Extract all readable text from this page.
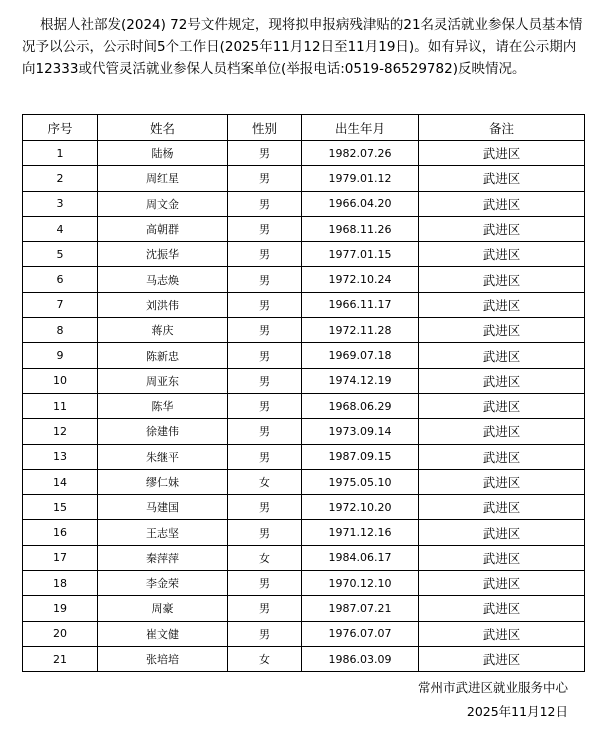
根据人社部发(2024) 72号文件规定，现将拟申报病残津贴的21名灵活就业参保人员基本情况予以公示，公示时间5个工作日(2025年11月12日至11月19日)。如有异议，请在公示期内向12333或代管灵活就业参保人员档案单位(举报电话:0519-86529782)反映情况。

序号	姓名	性别	出生年月	备注
1	陆杨	男	1982.07.26	武进区
2	周红星	男	1979.01.12	武进区
3	周文金	男	1966.04.20	武进区
4	高朝群	男	1968.11.26	武进区
5	沈振华	男	1977.01.15	武进区
6	马志焕	男	1972.10.24	武进区
7	刘洪伟	男	1966.11.17	武进区
8	蒋庆	男	1972.11.28	武进区
9	陈新忠	男	1969.07.18	武进区
10	周亚东	男	1974.12.19	武进区
11	陈华	男	1968.06.29	武进区
12	徐建伟	男	1973.09.14	武进区
13	朱继平	男	1987.09.15	武进区
14	缪仁妹	女	1975.05.10	武进区
15	马建国	男	1972.10.20	武进区
16	王志坚	男	1971.12.16	武进区
17	秦萍萍	女	1984.06.17	武进区
18	李金荣	男	1970.12.10	武进区
19	周豪	男	1987.07.21	武进区
20	崔文健	男	1976.07.07	武进区
21	张培培	女	1986.03.09	武进区
常州市武进区就业服务中心
2025年11月12日
